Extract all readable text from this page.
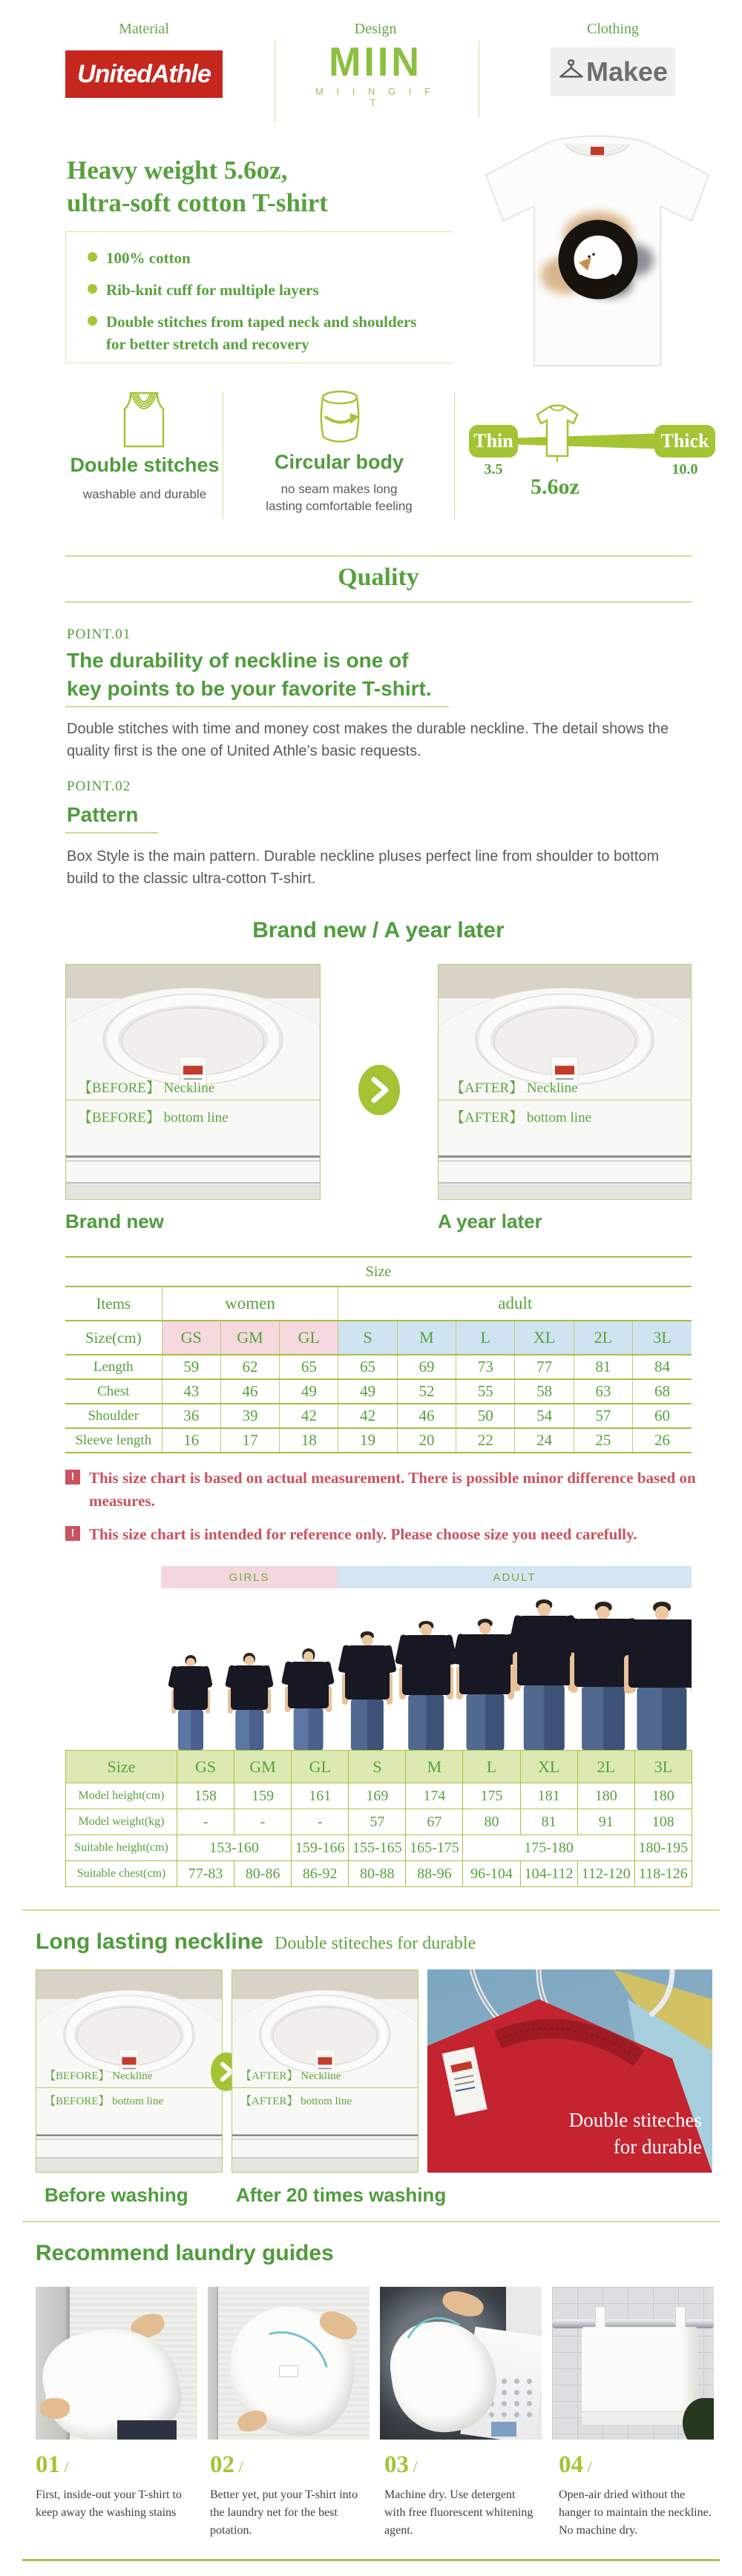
Material	Design	Clothing
UnitedAthle	MIIN
M I I N G I F T
Makee
Heavy weight 5.6oz,
ultra-soft cotton T-shirt
100% cotton
Rib-knit cuff for multiple layers
Double stitches from taped neck and shoulders for better stretch and recovery
Double stitches
washable and durable
Circular body
no seam makes long lasting comfortable feeling
Thin	Thick
3.5	10.0
5.6oz
Quality
POINT.01
The durability of neckline is one of
key points to be your favorite T-shirt.
Double stitches with time and money cost makes the durable neckline. The detail shows the quality first is the one of United Athle’s basic requests.
POINT.02
Pattern
Box Style is the main pattern. Durable neckline pluses perfect line from shoulder to bottom build to the classic ultra-cotton T-shirt.
Brand new / A year later
【BEFORE】 Neckline
【BEFORE】 bottom line
【AFTER】 Neckline
【AFTER】 bottom line
Brand new	A year later
Size									
Items	women			adult					
Size(cm)	GS	GM	GL	S	M	L	XL	2L	3L
Length	59	62	65	65	69	73	77	81	84
Chest	43	46	49	49	52	55	58	63	68
Shoulder	36	39	42	42	46	50	54	57	60
Sleeve length	16	17	18	19	20	22	24	25	26
! This size chart is based on actual measurement. There is possible minor difference based on measures.
! This size chart is intended for reference only. Please choose size you need carefully.
GIRLS	ADULT
Size	GS	GM	GL	S	M	L	XL	2L	3L
Model height(cm)	158	159	161	169	174	175	181	180	180
Model weight(kg)	-	-	-	57	67	80	81	91	108
Suitable height(cm)	153-160		159-166	155-165	165-175	175-180			180-195
Suitable chest(cm)	77-83	80-86	86-92	80-88	88-96	96-104	104-112	112-120	118-126
Long lasting neckline Double stiteches for durable
【BEFORE】 Neckline
【BEFORE】 bottom line
【AFTER】 Neckline
【AFTER】 bottom line
Double stiteches
for durable
Before washing After 20 times washing
Recommend laundry guides
01 /
First, inside-out your T-shirt to keep away the washing stains
02 /
Better yet, put your T-shirt into the laundry net for the best potation.
03 /
Machine dry. Use detergent with free fluorescent whitening agent.
04 /
Open-air dried without the hanger to maintain the neckline. No machine dry.
